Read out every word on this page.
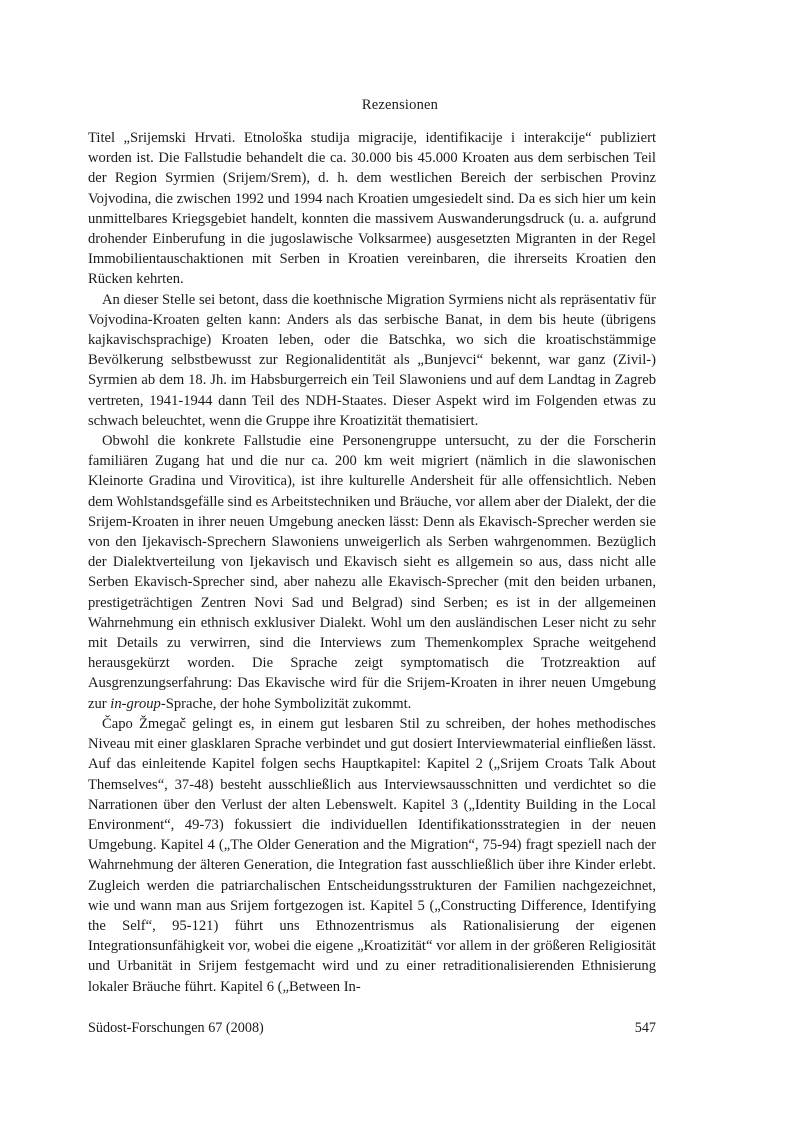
Rezensionen

Titel „Srijemski Hrvati. Etnološka studija migracije, identifikacije i interakcije“ publiziert worden ist. Die Fallstudie behandelt die ca. 30.000 bis 45.000 Kroaten aus dem serbischen Teil der Region Syrmien (Srijem/Srem), d. h. dem westlichen Bereich der serbischen Provinz Vojvodina, die zwischen 1992 und 1994 nach Kroatien umgesiedelt sind. Da es sich hier um kein unmittelbares Kriegsgebiet handelt, konnten die massivem Auswanderungsdruck (u. a. aufgrund drohender Einberufung in die jugoslawische Volksarmee) ausgesetzten Migranten in der Regel Immobilientauschaktionen mit Serben in Kroatien vereinbaren, die ihrerseits Kroatien den Rücken kehrten.

An dieser Stelle sei betont, dass die koethnische Migration Syrmiens nicht als repräsentativ für Vojvodina-Kroaten gelten kann: Anders als das serbische Banat, in dem bis heute (übrigens kajkavischsprachige) Kroaten leben, oder die Batschka, wo sich die kroatischstämmige Bevölkerung selbstbewusst zur Regionalidentität als „Bunjevci“ bekennt, war ganz (Zivil-) Syrmien ab dem 18. Jh. im Habsburgerreich ein Teil Slawoniens und auf dem Landtag in Zagreb vertreten, 1941-1944 dann Teil des NDH-Staates. Dieser Aspekt wird im Folgenden etwas zu schwach beleuchtet, wenn die Gruppe ihre Kroatizität thematisiert.

Obwohl die konkrete Fallstudie eine Personengruppe untersucht, zu der die Forscherin familiären Zugang hat und die nur ca. 200 km weit migriert (nämlich in die slawonischen Kleinorte Gradina und Virovitica), ist ihre kulturelle Andersheit für alle offensichtlich. Neben dem Wohlstandsgefälle sind es Arbeitstechniken und Bräuche, vor allem aber der Dialekt, der die Srijem-Kroaten in ihrer neuen Umgebung anecken lässt: Denn als Ekavisch-Sprecher werden sie von den Ijekavisch-Sprechern Slawoniens unweigerlich als Serben wahrgenommen. Bezüglich der Dialektverteilung von Ijekavisch und Ekavisch sieht es allgemein so aus, dass nicht alle Serben Ekavisch-Sprecher sind, aber nahezu alle Ekavisch-Sprecher (mit den beiden urbanen, prestigeträchtigen Zentren Novi Sad und Belgrad) sind Serben; es ist in der allgemeinen Wahrnehmung ein ethnisch exklusiver Dialekt. Wohl um den ausländischen Leser nicht zu sehr mit Details zu verwirren, sind die Interviews zum Themenkomplex Sprache weitgehend herausgekürzt worden. Die Sprache zeigt symptomatisch die Trotzreaktion auf Ausgrenzungserfahrung: Das Ekavische wird für die Srijem-Kroaten in ihrer neuen Umgebung zur in-group-Sprache, der hohe Symbolizität zukommt.

Čapo Žmegač gelingt es, in einem gut lesbaren Stil zu schreiben, der hohes methodisches Niveau mit einer glasklaren Sprache verbindet und gut dosiert Interviewmaterial einfließen lässt. Auf das einleitende Kapitel folgen sechs Hauptkapitel: Kapitel 2 („Srijem Croats Talk About Themselves“, 37-48) besteht ausschließlich aus Interviewsausschnitten und verdichtet so die Narrationen über den Verlust der alten Lebenswelt. Kapitel 3 („Identity Building in the Local Environment“, 49-73) fokussiert die individuellen Identifikationsstrategien in der neuen Umgebung. Kapitel 4 („The Older Generation and the Migration“, 75-94) fragt speziell nach der Wahrnehmung der älteren Generation, die Integration fast ausschließlich über ihre Kinder erlebt. Zugleich werden die patriarchalischen Entscheidungsstrukturen der Familien nachgezeichnet, wie und wann man aus Srijem fortgezogen ist. Kapitel 5 („Constructing Difference, Identifying the Self“, 95-121) führt uns Ethnozentrismus als Rationalisierung der eigenen Integrationsunfähigkeit vor, wobei die eigene „Kroatizität“ vor allem in der größeren Religiosität und Urbanität in Srijem festgemacht wird und zu einer retraditionalisierenden Ethnisierung lokaler Bräuche führt. Kapitel 6 („Between In-

Südost-Forschungen 67 (2008)	547
